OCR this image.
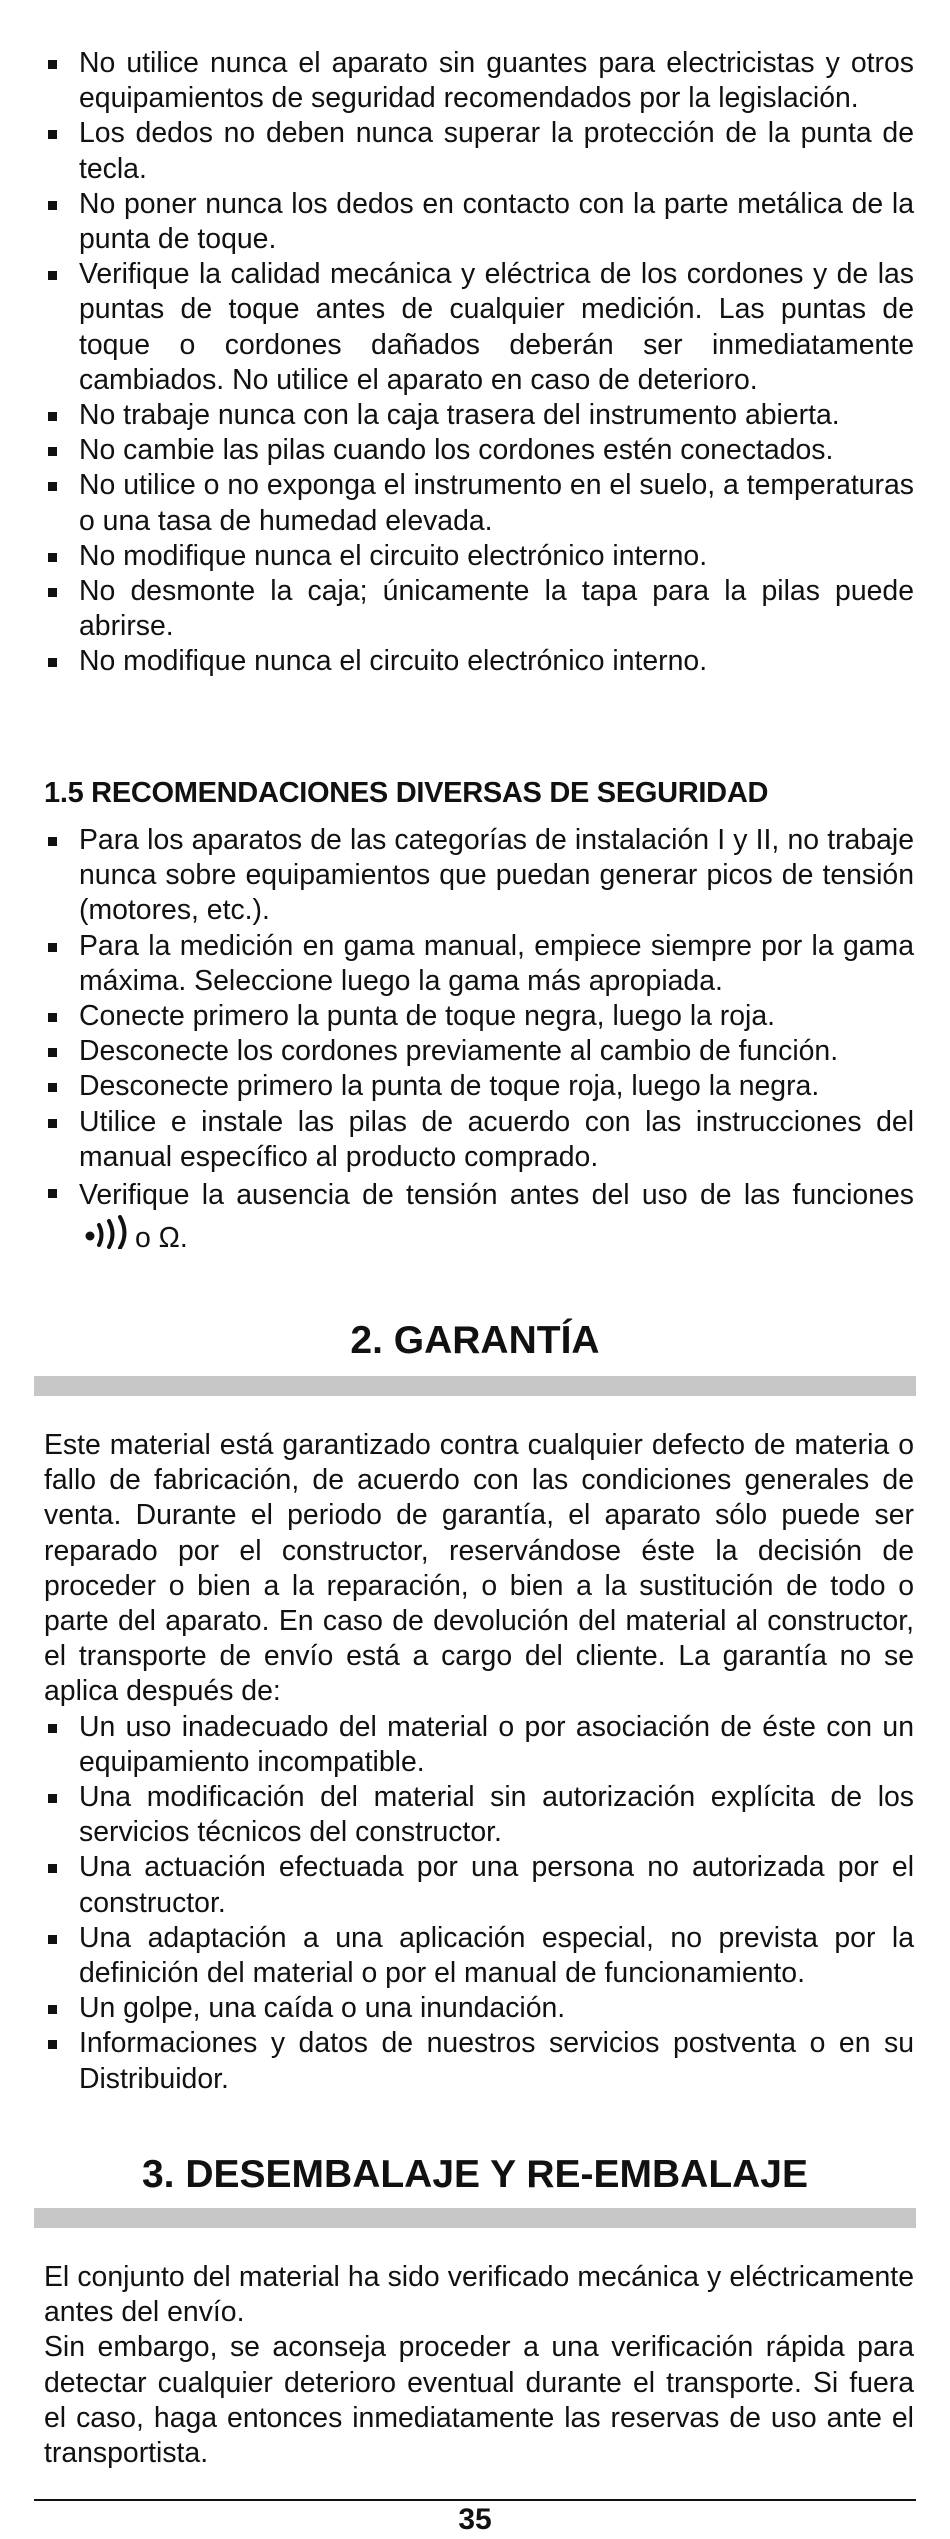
No utilice nunca el aparato sin guantes para electricistas y otros equipamientos de seguridad recomendados por la legislación.
Los dedos no deben nunca superar la protección de la punta de tecla.
No poner nunca los dedos en contacto con la parte metálica de la punta de toque.
Verifique la calidad mecánica y eléctrica de los cordones y de las puntas de toque antes de cualquier medición. Las puntas de toque o cordones dañados deberán ser inmediatamente cambiados. No utilice el aparato en caso de deterioro.
No trabaje nunca con la caja trasera del instrumento abierta.
No cambie las pilas cuando los cordones estén conectados.
No utilice o no exponga el instrumento en el suelo, a temperaturas o una tasa de humedad elevada.
No modifique nunca el circuito electrónico interno.
No desmonte la caja; únicamente la tapa para la pilas puede abrirse.
No modifique nunca el circuito electrónico interno.
1.5 RECOMENDACIONES DIVERSAS DE SEGURIDAD
Para los aparatos de las categorías de instalación I y II, no trabaje nunca sobre equipamientos que puedan generar picos de tensión (motores, etc.).
Para la medición en gama manual, empiece siempre por la gama máxima. Seleccione luego la gama más apropiada.
Conecte primero la punta de toque negra, luego la roja.
Desconecte los cordones previamente al cambio de función.
Desconecte primero la punta de toque roja, luego la negra.
Utilice e instale las pilas de acuerdo con las instrucciones del manual específico al producto comprado.
Verifique la ausencia de tensión antes del uso de las funcioneso Ω.
2. GARANTÍA

Este material está garantizado contra cualquier defecto de materia o fallo de fabricación, de acuerdo con las condiciones generales de venta. Durante el periodo de garantía, el aparato sólo puede ser reparado por el constructor, reservándose éste la decisión de proceder o bien a la reparación, o bien a la sustitución de todo o parte del aparato. En caso de devolución del material al constructor, el transporte de envío está a cargo del cliente. La garantía no se aplica después de:

Un uso inadecuado del material o por asociación de éste con un equipamiento incompatible.
Una modificación del material sin autorización explícita de los servicios técnicos del constructor.
Una actuación efectuada por una persona no autorizada por el constructor.
Una adaptación a una aplicación especial, no prevista por la definición del material o por el manual de funcionamiento.
Un golpe, una caída o una inundación.
Informaciones y datos de nuestros servicios postventa o en su Distribuidor.
3. DESEMBALAJE Y RE-EMBALAJE

El conjunto del material ha sido verificado mecánica y eléctricamente antes del envío.

Sin embargo, se aconseja proceder a una verificación rápida para detectar cualquier deterioro eventual durante el transporte. Si fuera el caso, haga entonces inmediatamente las reservas de uso ante el transportista.

35
